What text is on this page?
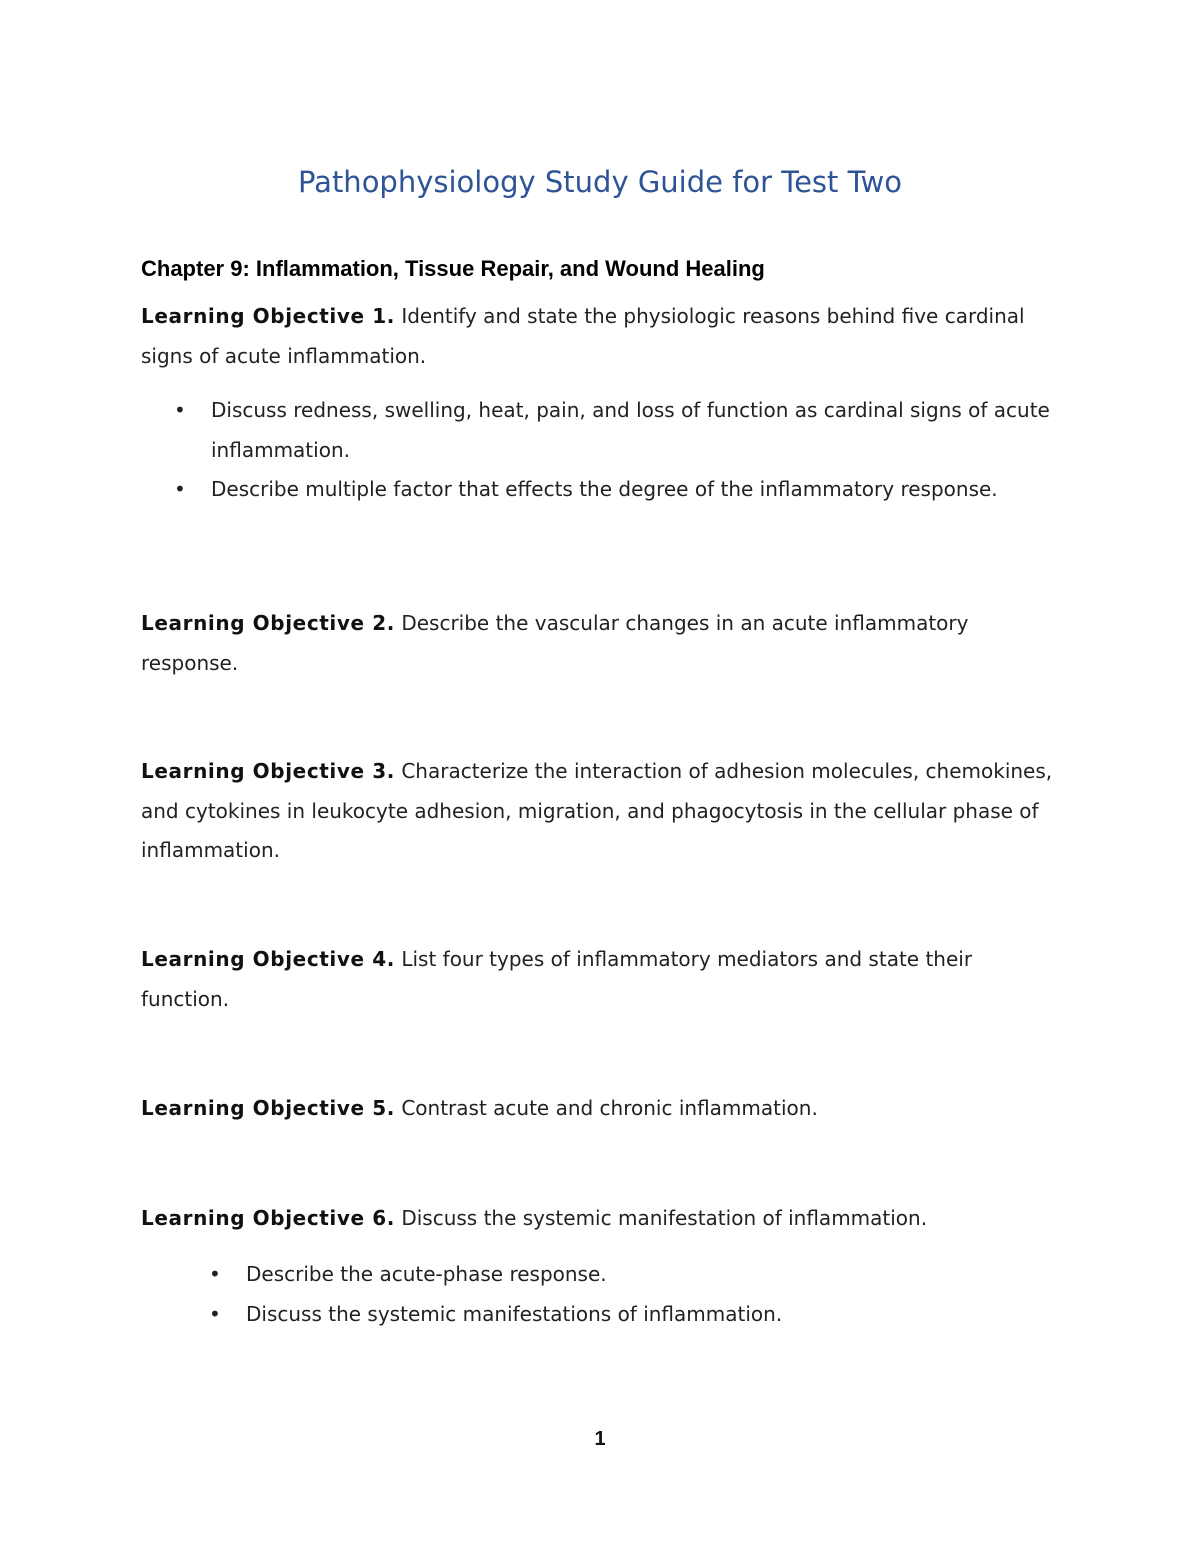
Pathophysiology Study Guide for Test Two
Chapter 9: Inflammation, Tissue Repair, and Wound Healing

Learning Objective 1. Identify and state the physiologic reasons behind five cardinal signs of acute inflammation.

• Discuss redness, swelling, heat, pain, and loss of function as cardinal signs of acute inflammation.
• Describe multiple factor that effects the degree of the inflammatory response.

Learning Objective 2. Describe the vascular changes in an acute inflammatory response.

Learning Objective 3. Characterize the interaction of adhesion molecules, chemokines, and cytokines in leukocyte adhesion, migration, and phagocytosis in the cellular phase of inflammation.

Learning Objective 4. List four types of inflammatory mediators and state their function.

Learning Objective 5. Contrast acute and chronic inflammation.

Learning Objective 6. Discuss the systemic manifestation of inflammation.

• Describe the acute-phase response.
• Discuss the systemic manifestations of inflammation.
1
